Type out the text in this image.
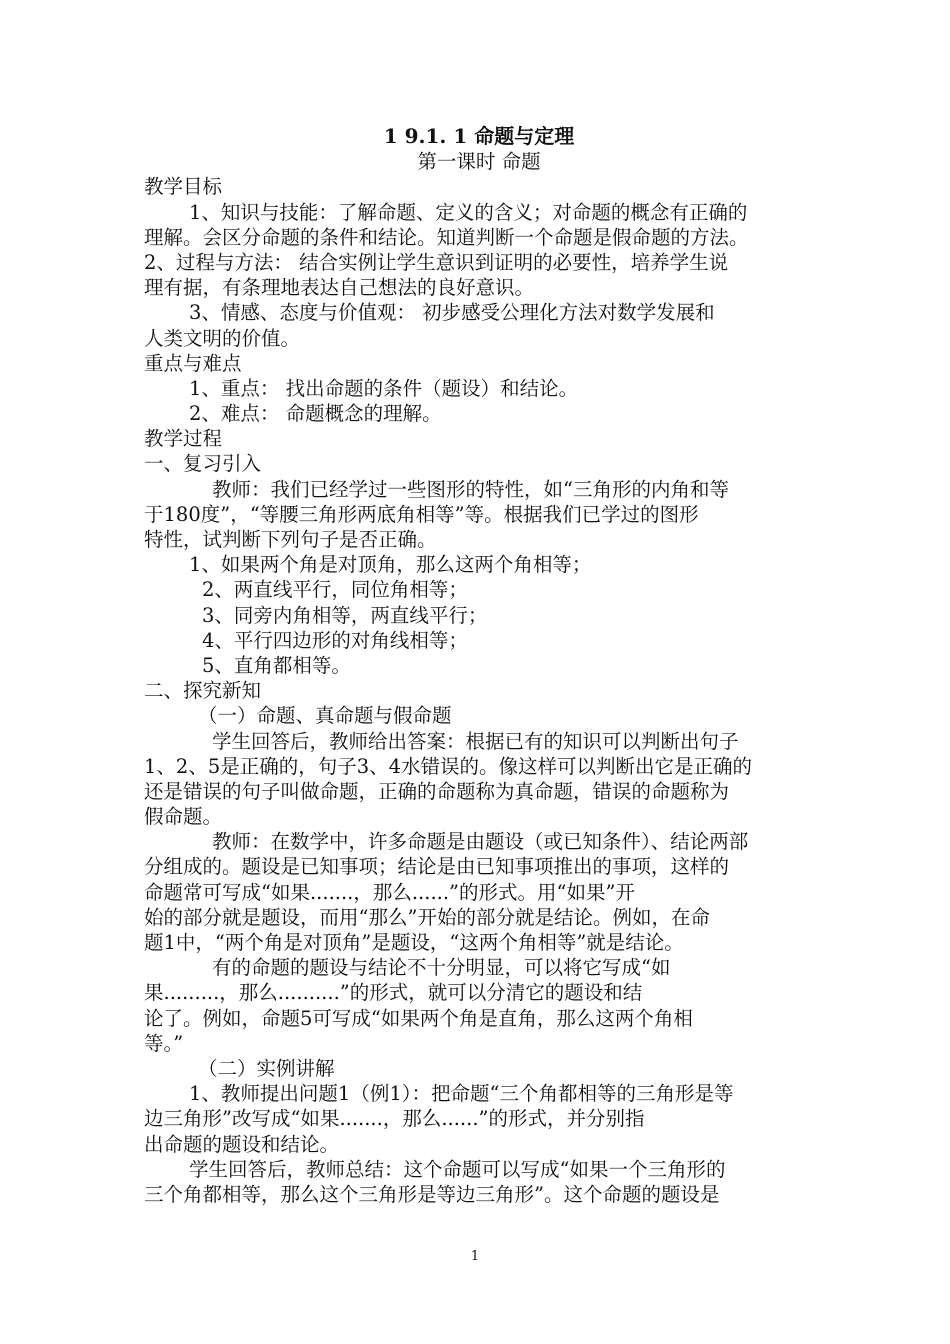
1 9.1. 1 命题与定理
第一课时 命题
教学目标
1、知识与技能：了解命题、定义的含义；对命题的概念有正确的
理解。会区分命题的条件和结论。知道判断一个命题是假命题的方法。
2、过程与方法： 结合实例让学生意识到证明的必要性，培养学生说
理有据，有条理地表达自己想法的良好意识。
3、情感、态度与价值观： 初步感受公理化方法对数学发展和
人类文明的价值。
重点与难点
1、重点： 找出命题的条件（题设）和结论。
2、难点： 命题概念的理解。
教学过程
一、复习引入
教师：我们已经学过一些图形的特性，如“三角形的内角和等
于180度”，“等腰三角形两底角相等”等。根据我们已学过的图形
特性，试判断下列句子是否正确。
1、如果两个角是对顶角，那么这两个角相等；
2、两直线平行，同位角相等；
3、同旁内角相等，两直线平行；
4、平行四边形的对角线相等；
5、直角都相等。
二、探究新知
（一）命题、真命题与假命题
学生回答后，教师给出答案：根据已有的知识可以判断出句子
1、2、5是正确的，句子3、4水错误的。像这样可以判断出它是正确的
还是错误的句子叫做命题，正确的命题称为真命题，错误的命题称为
假命题。
教师：在数学中，许多命题是由题设（或已知条件）、结论两部
分组成的。题设是已知事项；结论是由已知事项推出的事项，这样的
命题常可写成“如果.......，那么......”的形式。用“如果”开
始的部分就是题设，而用“那么”开始的部分就是结论。例如，在命
题1中，“两个角是对顶角”是题设，“这两个角相等”就是结论。
有的命题的题设与结论不十分明显，可以将它写成“如
果.........，那么..........”的形式，就可以分清它的题设和结
论了。例如，命题5可写成“如果两个角是直角，那么这两个角相
等。”
（二）实例讲解
1、教师提出问题1（例1）：把命题“三个角都相等的三角形是等
边三角形”改写成“如果.......，那么......”的形式，并分别指
出命题的题设和结论。
学生回答后，教师总结：这个命题可以写成“如果一个三角形的
三个角都相等，那么这个三角形是等边三角形”。这个命题的题设是
1
